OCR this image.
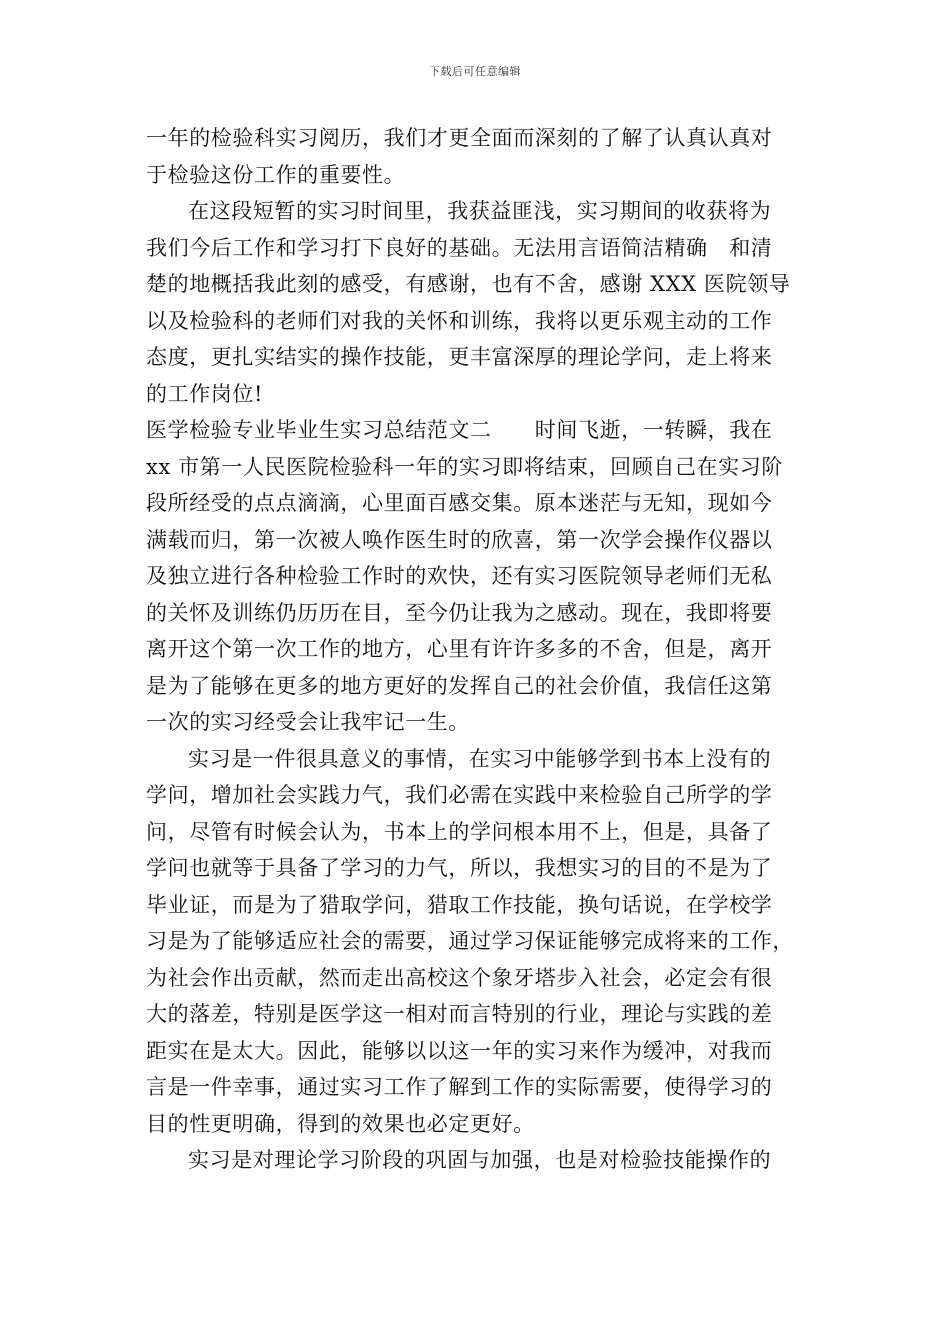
下载后可任意编辑
一年的检验科实习阅历，我们才更全面而深刻的了解了认真认真对
于检验这份工作的重要性。
在这段短暂的实习时间里，我获益匪浅，实习期间的收获将为
我们今后工作和学习打下良好的基础。无法用言语简洁精确　和清
楚的地概括我此刻的感受，有感谢，也有不舍，感谢 XXX 医院领导
以及检验科的老师们对我的关怀和训练，我将以更乐观主动的工作
态度，更扎实结实的操作技能，更丰富深厚的理论学问，走上将来
的工作岗位!
医学检验专业毕业生实习总结范文二　　时间飞逝，一转瞬，我在
xx 市第一人民医院检验科一年的实习即将结束，回顾自己在实习阶
段所经受的点点滴滴，心里面百感交集。原本迷茫与无知，现如今
满载而归，第一次被人唤作医生时的欣喜，第一次学会操作仪器以
及独立进行各种检验工作时的欢快，还有实习医院领导老师们无私
的关怀及训练仍历历在目，至今仍让我为之感动。现在，我即将要
离开这个第一次工作的地方，心里有许许多多的不舍，但是，离开
是为了能够在更多的地方更好的发挥自己的社会价值，我信任这第
一次的实习经受会让我牢记一生。
实习是一件很具意义的事情，在实习中能够学到书本上没有的
学问，增加社会实践力气，我们必需在实践中来检验自己所学的学
问，尽管有时候会认为，书本上的学问根本用不上，但是，具备了
学问也就等于具备了学习的力气，所以，我想实习的目的不是为了
毕业证，而是为了猎取学问，猎取工作技能，换句话说，在学校学
习是为了能够适应社会的需要，通过学习保证能够完成将来的工作，
为社会作出贡献，然而走出高校这个象牙塔步入社会，必定会有很
大的落差，特别是医学这一相对而言特别的行业，理论与实践的差
距实在是太大。因此，能够以以这一年的实习来作为缓冲，对我而
言是一件幸事，通过实习工作了解到工作的实际需要，使得学习的
目的性更明确，得到的效果也必定更好。
实习是对理论学习阶段的巩固与加强，也是对检验技能操作的
